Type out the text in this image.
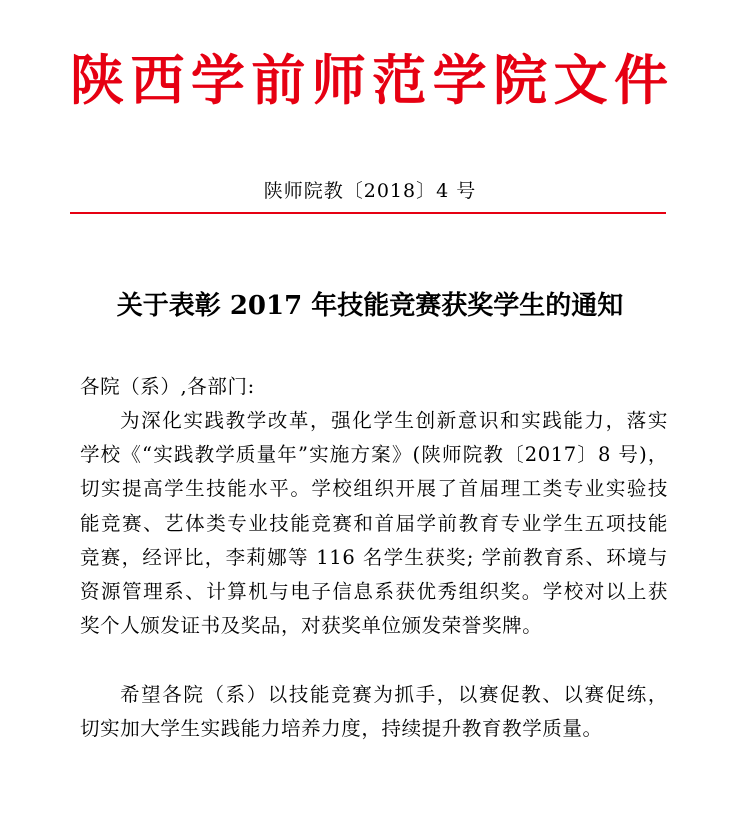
陕西学前师范学院文件
陕师院教〔2018〕4 号
关于表彰 2017 年技能竞赛获奖学生的通知
各院（系）,各部门:
为深化实践教学改革，强化学生创新意识和实践能力，落实
学校《“实践教学质量年”实施方案》(陕师院教〔2017〕8 号)，
切实提高学生技能水平。学校组织开展了首届理工类专业实验技
能竞赛、艺体类专业技能竞赛和首届学前教育专业学生五项技能
竞赛，经评比，李莉娜等 116 名学生获奖; 学前教育系、环境与
资源管理系、计算机与电子信息系获优秀组织奖。学校对以上获
奖个人颁发证书及奖品，对获奖单位颁发荣誉奖牌。
希望各院（系）以技能竞赛为抓手，以赛促教、以赛促练，
切实加大学生实践能力培养力度，持续提升教育教学质量。
